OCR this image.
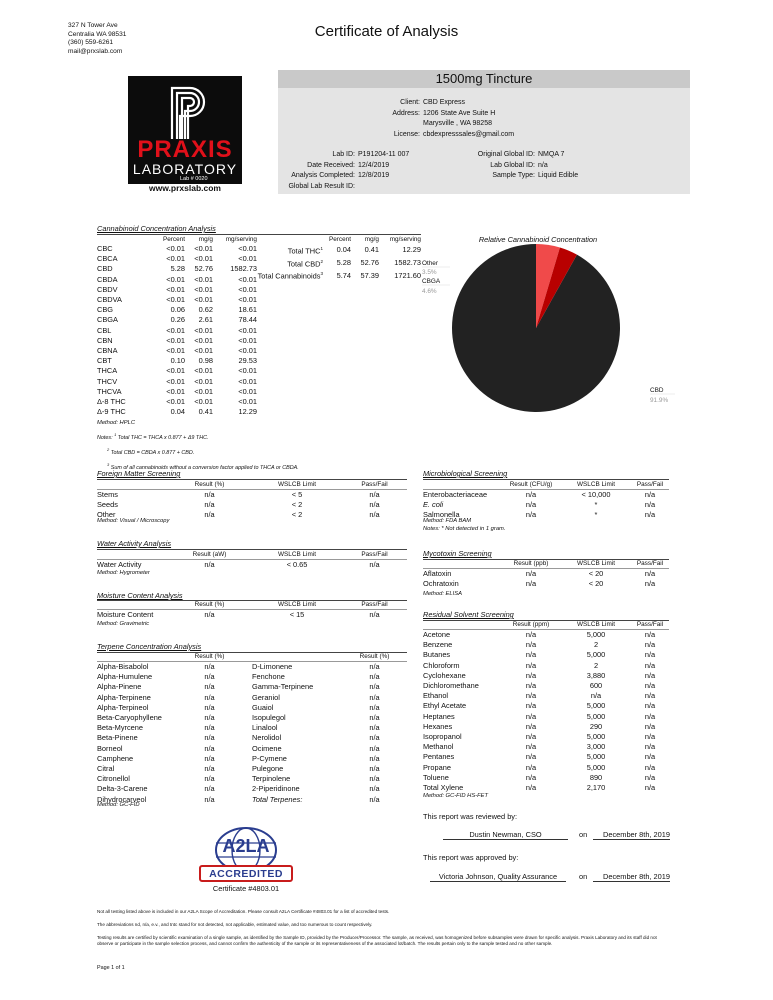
327 N Tower Ave
Centralia WA 98531
(360) 559-6261
mail@prxslab.com
Certificate of Analysis
1500mg Tincture
PRAXIS
LABORATORY
Lab # 0020
www.prxslab.com
Client: CBD Express
Address: 1206 State Ave Suite H
Marysville , WA 98258
License: cbdexpresssales@gmail.com
Lab ID: P191204-11 007
Date Received: 12/4/2019
Analysis Completed: 12/8/2019
Global Lab Result ID:
Original Global ID: NMQA 7
Lab Global ID: n/a
Sample Type: Liquid Edible
Cannabinoid Concentration Analysis
	Percent	mg/g	mg/serving
CBC	<0.01	<0.01	<0.01
CBCA	<0.01	<0.01	<0.01
CBD	5.28	52.76	1582.73
CBDA	<0.01	<0.01	<0.01
CBDV	<0.01	<0.01	<0.01
CBDVA	<0.01	<0.01	<0.01
CBG	0.06	0.62	18.61
CBGA	0.26	2.61	78.44
CBL	<0.01	<0.01	<0.01
CBN	<0.01	<0.01	<0.01
CBNA	<0.01	<0.01	<0.01
CBT	0.10	0.98	29.53
THCA	<0.01	<0.01	<0.01
THCV	<0.01	<0.01	<0.01
THCVA	<0.01	<0.01	<0.01
Δ-8 THC	<0.01	<0.01	<0.01
Δ-9 THC	0.04	0.41	12.29
	Percent	mg/g	mg/serving
Total THC$^1$	0.04	0.41	12.29
Total CBD$^2$	5.28	52.76	1582.73
Total Cannabinoids$^3$	5.74	57.39	1721.60
Method: HPLC
Notes: $^1$ Total THC = THCA x 0.877 + Δ9 THC.
$^2$ Total CBD = CBDA x 0.877 + CBD.
$^3$ Sum of all cannabinoids without a conversion factor applied to THCA or CBDA.
Relative Cannabinoid Concentration
CBD
91.9%
CBGA
4.6%
Other
3.5%
Foreign Matter Screening
	Result (%)	WSLCB Limit	Pass/Fail
Stems	n/a	< 5	n/a
Seeds	n/a	< 2	n/a
Other	n/a	< 2	n/a
Method: Visual / Microscopy
Water Activity Analysis
	Result (aW)	WSLCB Limit	Pass/Fail
Water Activity	n/a	< 0.65	n/a
Method: Hygrometer
Moisture Content Analysis
	Result (%)	WSLCB Limit	Pass/Fail
Moisture Content	n/a	< 15	n/a
Method: Gravimetric
Terpene Concentration Analysis
	Result (%)		Result (%)
Alpha-Bisabolol	n/a	D-Limonene	n/a
Alpha-Humulene	n/a	Fenchone	n/a
Alpha-Pinene	n/a	Gamma-Terpinene	n/a
Alpha-Terpinene	n/a	Geraniol	n/a
Alpha-Terpineol	n/a	Guaiol	n/a
Beta-Caryophyllene	n/a	Isopulegol	n/a
Beta-Myrcene	n/a	Linalool	n/a
Beta-Pinene	n/a	Nerolidol	n/a
Borneol	n/a	Ocimene	n/a
Camphene	n/a	P-Cymene	n/a
Citral	n/a	Pulegone	n/a
Citronellol	n/a	Terpinolene	n/a
Delta-3-Carene	n/a	2-Piperidinone	n/a
Dihydrocarveol	n/a	Total Terpenes:	n/a
Method: GC-FID
Microbiological Screening
	Result (CFU/g)	WSLCB Limit	Pass/Fail
Enterobacteriaceae	n/a	< 10,000	n/a
E. coli	n/a	*	n/a
Salmonella	n/a	*	n/a
Method: FDA BAM
Notes: * Not detected in 1 gram.
Mycotoxin Screening
	Result (ppb)	WSLCB Limit	Pass/Fail
Aflatoxin	n/a	< 20	n/a
Ochratoxin	n/a	< 20	n/a
Method: ELISA
Residual Solvent Screening
	Result (ppm)	WSLCB Limit	Pass/Fail
Acetone	n/a	5,000	n/a
Benzene	n/a	2	n/a
Butanes	n/a	5,000	n/a
Chloroform	n/a	2	n/a
Cyclohexane	n/a	3,880	n/a
Dichloromethane	n/a	600	n/a
Ethanol	n/a	n/a	n/a
Ethyl Acetate	n/a	5,000	n/a
Heptanes	n/a	5,000	n/a
Hexanes	n/a	290	n/a
Isopropanol	n/a	5,000	n/a
Methanol	n/a	3,000	n/a
Pentanes	n/a	5,000	n/a
Propane	n/a	5,000	n/a
Toluene	n/a	890	n/a
Total Xylene	n/a	2,170	n/a
Method: GC-FID HS-FET
This report was reviewed by:
Dustin Newman, CSO	on	December 8th, 2019
This report was approved by:
Victoria Johnson, Quality Assurance	on	December 8th, 2019
A2LA
ACCREDITED
Certificate #4803.01
Not all testing listed above is included in our A2LA Scope of Accreditation. Please consult A2LA Certificate #4803.01 for a list of accredited tests.
The abbreviations nd, n/a, e.v., and tntc stand for not detected, not applicable, estimated value, and too numerous to count respectively.
Testing results are certified by scientific examination of a single sample, as identified by the Sample ID, provided by the Producer/Processor. The sample, as received, was homogenized before subsamples were drawn for specific analysis. Praxis Laboratory and its staff did not observe or participate in the sample selection process, and cannot confirm the authenticity of the sample or its representativeness of the associated lot/batch. The results pertain only to the sample tested and no other sample.
Page 1 of 1
